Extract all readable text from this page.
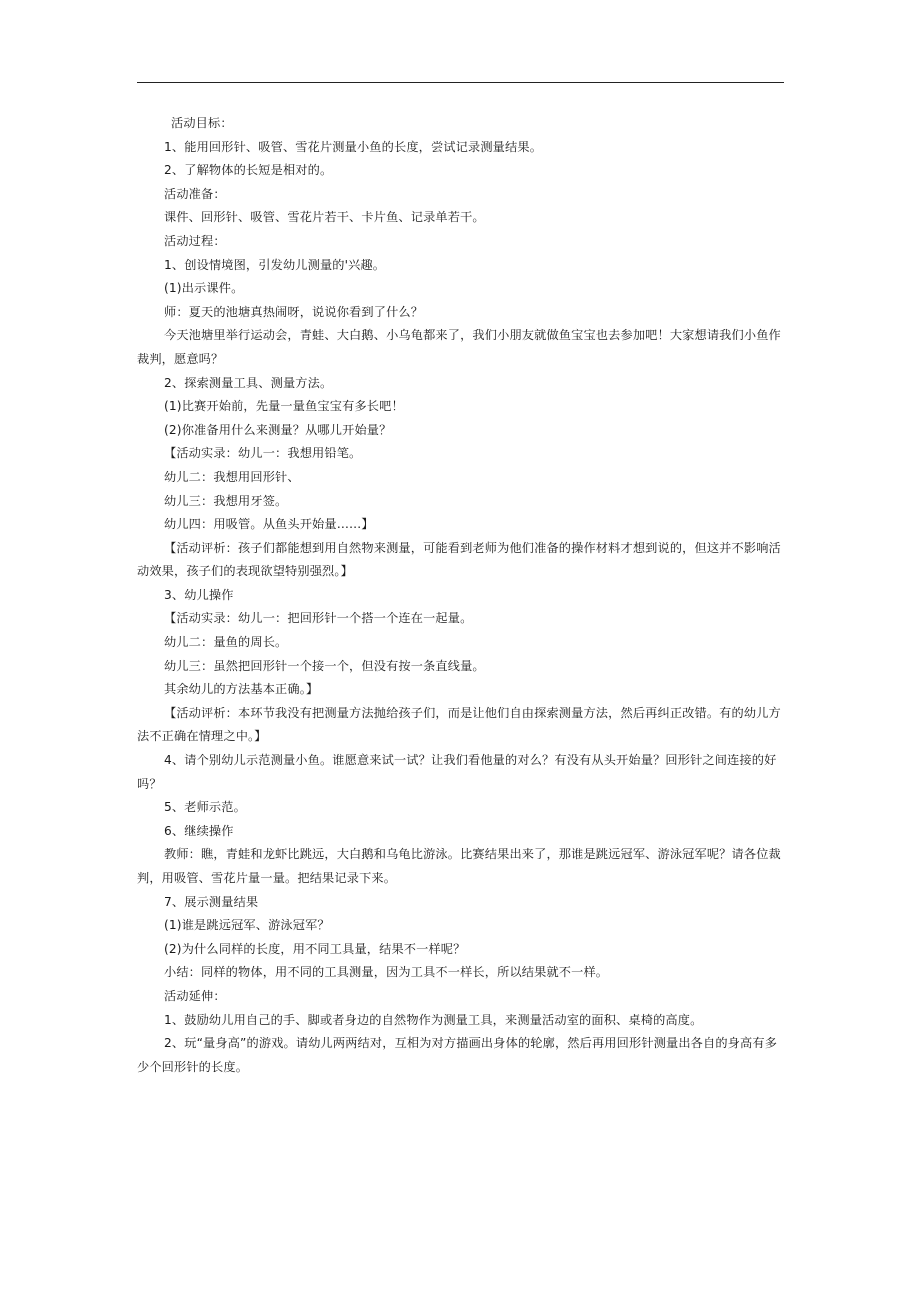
活动目标：

1、能用回形针、吸管、雪花片测量小鱼的长度，尝试记录测量结果。

2、了解物体的长短是相对的。

活动准备：

课件、回形针、吸管、雪花片若干、卡片鱼、记录单若干。

活动过程：

1、创设情境图，引发幼儿测量的'兴趣。

(1)出示课件。

师：夏天的池塘真热闹呀，说说你看到了什么？

今天池塘里举行运动会，青蛙、大白鹅、小乌龟都来了，我们小朋友就做鱼宝宝也去参加吧！大家想请我们小鱼作裁判，愿意吗？

2、探索测量工具、测量方法。

(1)比赛开始前，先量一量鱼宝宝有多长吧！

(2)你准备用什么来测量？从哪儿开始量？

【活动实录：幼儿一：我想用铅笔。

幼儿二：我想用回形针、

幼儿三：我想用牙签。

幼儿四：用吸管。从鱼头开始量……】

【活动评析：孩子们都能想到用自然物来测量，可能看到老师为他们准备的操作材料才想到说的，但这并不影响活动效果，孩子们的表现欲望特别强烈。】

3、幼儿操作

【活动实录：幼儿一：把回形针一个搭一个连在一起量。

幼儿二：量鱼的周长。

幼儿三：虽然把回形针一个接一个，但没有按一条直线量。

其余幼儿的方法基本正确。】

【活动评析：本环节我没有把测量方法抛给孩子们，而是让他们自由探索测量方法，然后再纠正改错。有的幼儿方法不正确在情理之中。】

4、请个别幼儿示范测量小鱼。谁愿意来试一试？让我们看他量的对么？有没有从头开始量？回形针之间连接的好吗？

5、老师示范。

6、继续操作

教师：瞧，青蛙和龙虾比跳远，大白鹅和乌龟比游泳。比赛结果出来了，那谁是跳远冠军、游泳冠军呢？请各位裁判，用吸管、雪花片量一量。把结果记录下来。

7、展示测量结果

(1)谁是跳远冠军、游泳冠军？

(2)为什么同样的长度，用不同工具量，结果不一样呢？

小结：同样的物体，用不同的工具测量，因为工具不一样长，所以结果就不一样。

活动延伸：

1、鼓励幼儿用自己的手、脚或者身边的自然物作为测量工具，来测量活动室的面积、桌椅的高度。

2、玩“量身高”的游戏。请幼儿两两结对，互相为对方描画出身体的轮廓，然后再用回形针测量出各自的身高有多少个回形针的长度。
